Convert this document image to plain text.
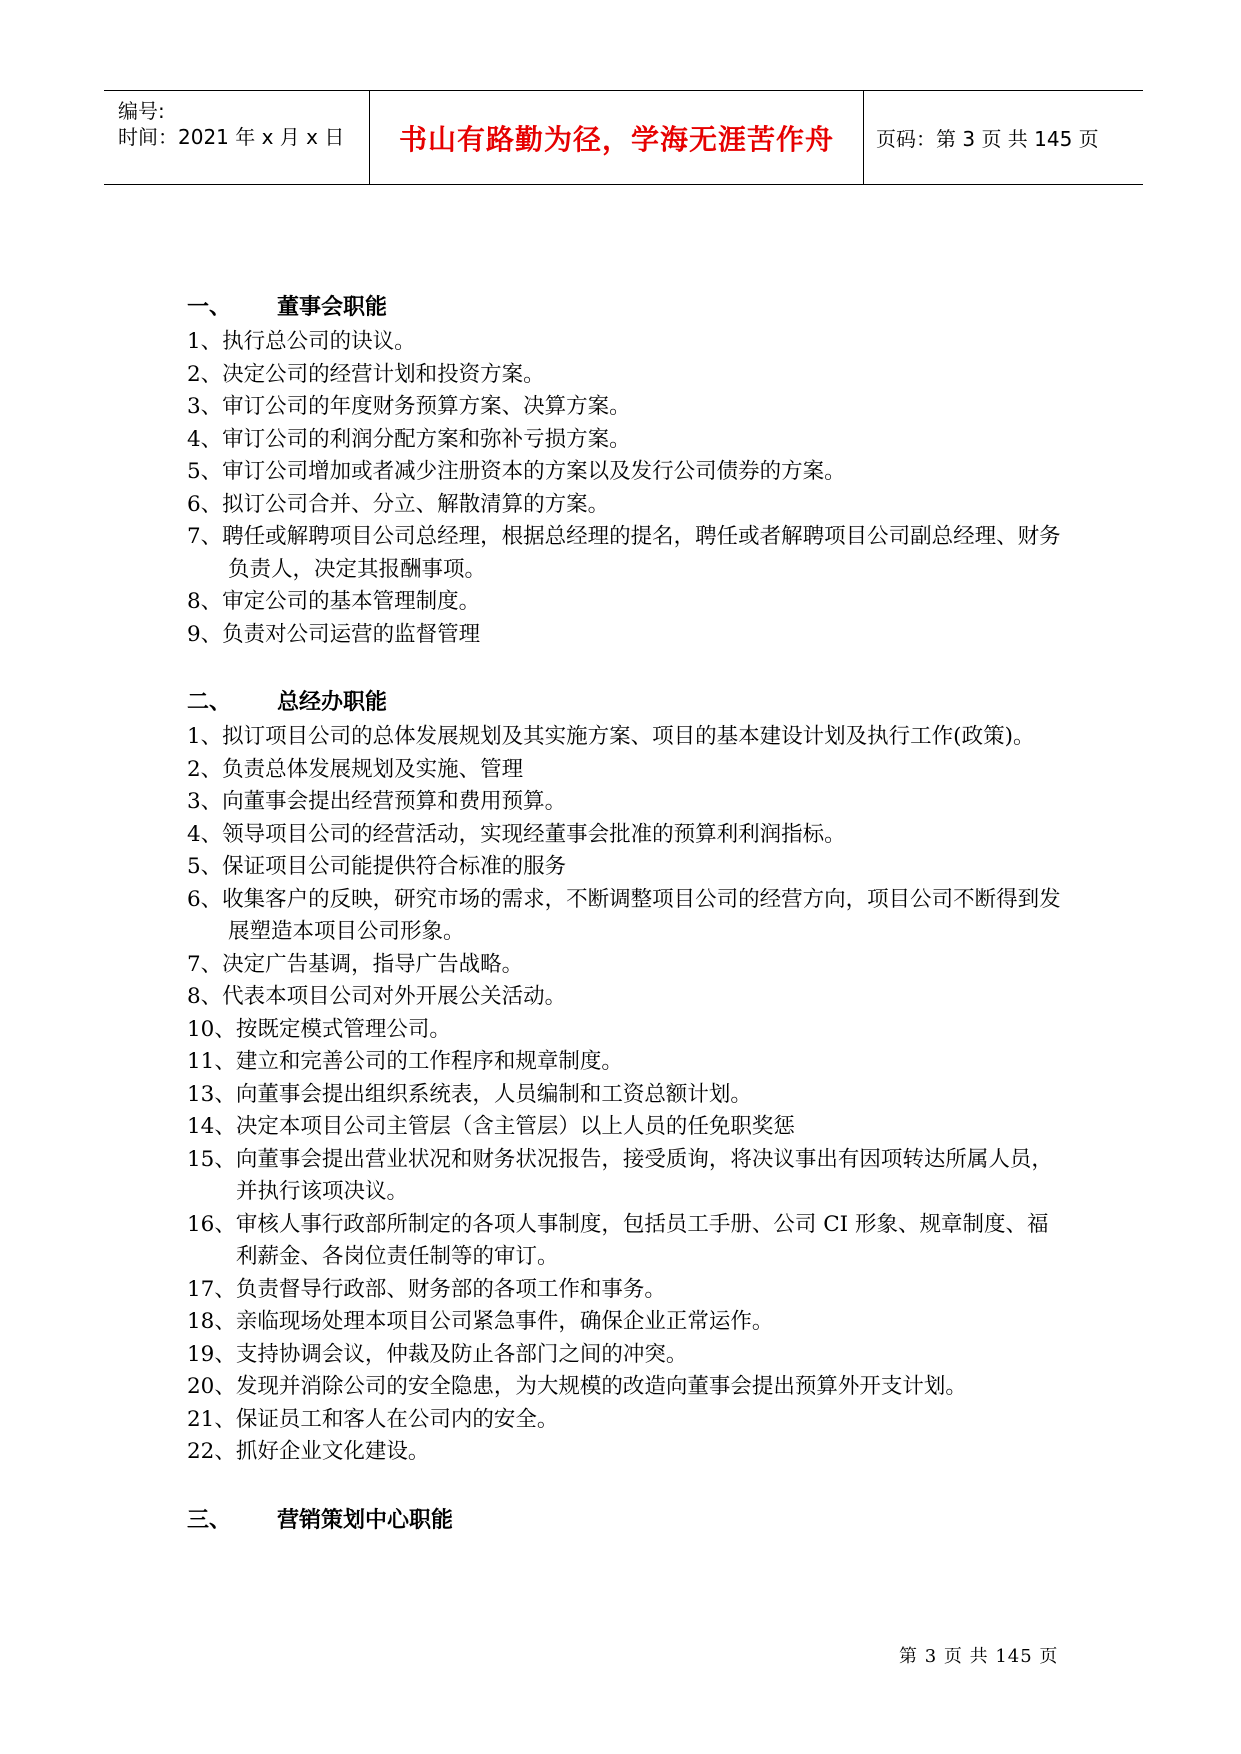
编号:
时间：2021 年 x 月 x 日 书山有路勤为径，学海无涯苦作舟 页码：第 3 页 共 145 页
一、	董事会职能
1、执行总公司的诀议。
2、决定公司的经营计划和投资方案。
3、审订公司的年度财务预算方案、决算方案。
4、审订公司的利润分配方案和弥补亏损方案。
5、审订公司增加或者减少注册资本的方案以及发行公司债券的方案。
6、拟订公司合并、分立、解散清算的方案。
7、聘任或解聘项目公司总经理，根据总经理的提名，聘任或者解聘项目公司副总经理、财务负责人，决定其报酬事项。
8、审定公司的基本管理制度。
9、负责对公司运营的监督管理
二、	总经办职能
1、拟订项目公司的总体发展规划及其实施方案、项目的基本建设计划及执行工作(政策)。
2、负责总体发展规划及实施、管理
3、向董事会提出经营预算和费用预算。
4、领导项目公司的经营活动，实现经董事会批准的预算利利润指标。
5、保证项目公司能提供符合标准的服务
6、收集客户的反映，研究市场的需求，不断调整项目公司的经营方向，项目公司不断得到发展塑造本项目公司形象。
7、决定广告基调，指导广告战略。
8、代表本项目公司对外开展公关活动。
10、按既定模式管理公司。
11、建立和完善公司的工作程序和规章制度。
13、向董事会提出组织系统表，人员编制和工资总额计划。
14、决定本项目公司主管层（含主管层）以上人员的任免职奖惩
15、向董事会提出营业状况和财务状况报告，接受质询，将决议事出有因项转达所属人员，并执行该项决议。
16、审核人事行政部所制定的各项人事制度，包括员工手册、公司 CI 形象、规章制度、福利薪金、各岗位责任制等的审订。
17、负责督导行政部、财务部的各项工作和事务。
18、亲临现场处理本项目公司紧急事件，确保企业正常运作。
19、支持协调会议，仲裁及防止各部门之间的冲突。
20、发现并消除公司的安全隐患，为大规模的改造向董事会提出预算外开支计划。
21、保证员工和客人在公司内的安全。
22、抓好企业文化建设。
三、	营销策划中心职能
第 3 页 共 145 页
